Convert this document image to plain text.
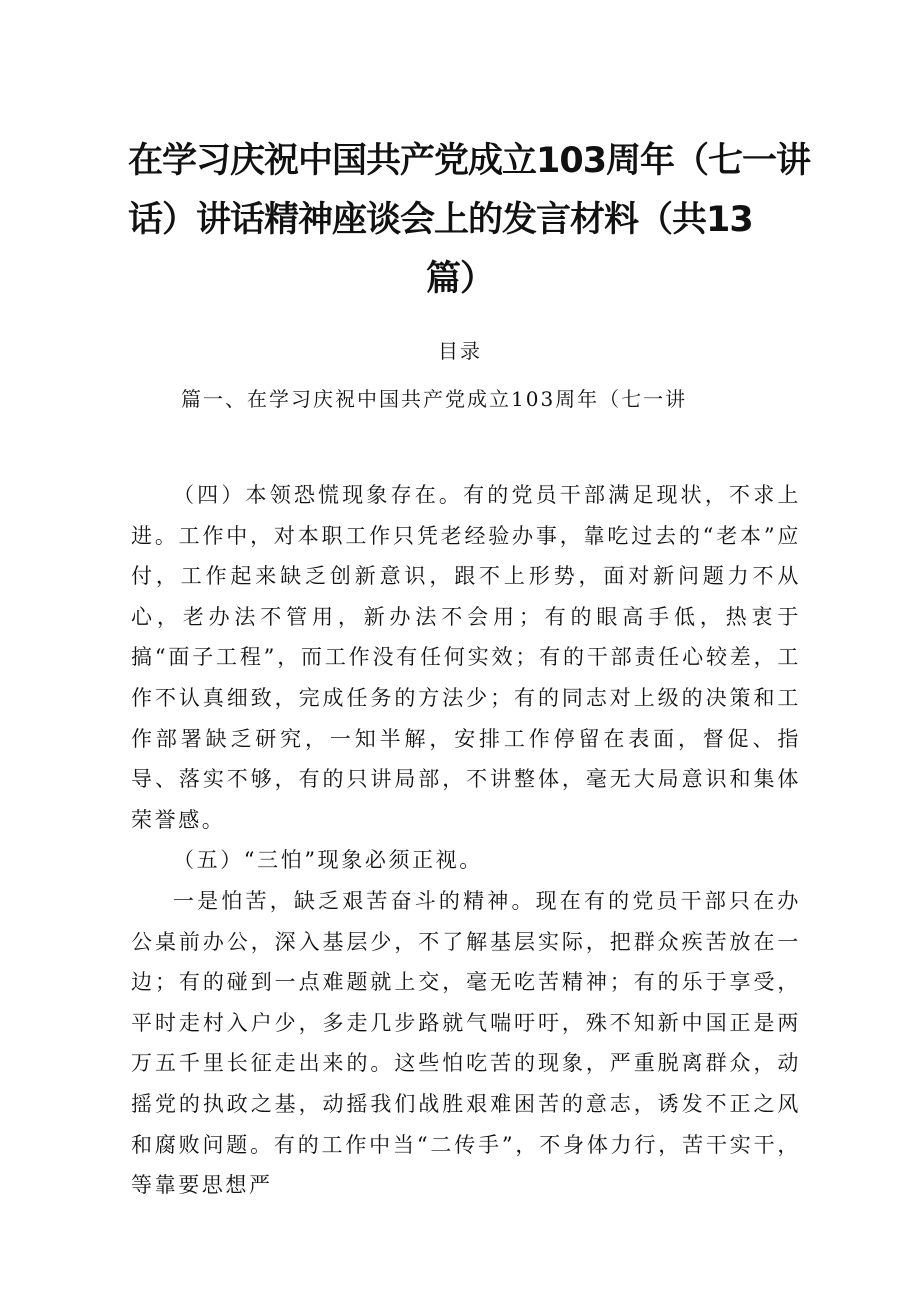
在学习庆祝中国共产党成立103周年（七一讲
话）讲话精神座谈会上的发言材料（共13
篇）
目录
篇一、在学习庆祝中国共产党成立103周年（七一讲

（四）本领恐慌现象存在。有的党员干部满足现状，不求上进。工作中，对本职工作只凭老经验办事，靠吃过去的“老本”应付，工作起来缺乏创新意识，跟不上形势，面对新问题力不从心，老办法不管用，新办法不会用；有的眼高手低，热衷于搞“面子工程”，而工作没有任何实效；有的干部责任心较差，工作不认真细致，完成任务的方法少；有的同志对上级的决策和工作部署缺乏研究，一知半解，安排工作停留在表面，督促、指导、落实不够，有的只讲局部，不讲整体，毫无大局意识和集体荣誉感。

（五）“三怕”现象必须正视。

一是怕苦，缺乏艰苦奋斗的精神。现在有的党员干部只在办公桌前办公，深入基层少，不了解基层实际，把群众疾苦放在一边；有的碰到一点难题就上交，毫无吃苦精神；有的乐于享受，平时走村入户少，多走几步路就气喘吁吁，殊不知新中国正是两万五千里长征走出来的。这些怕吃苦的现象，严重脱离群众，动摇党的执政之基，动摇我们战胜艰难困苦的意志，诱发不正之风和腐败问题。有的工作中当“二传手”，不身体力行，苦干实干，等靠要思想严
